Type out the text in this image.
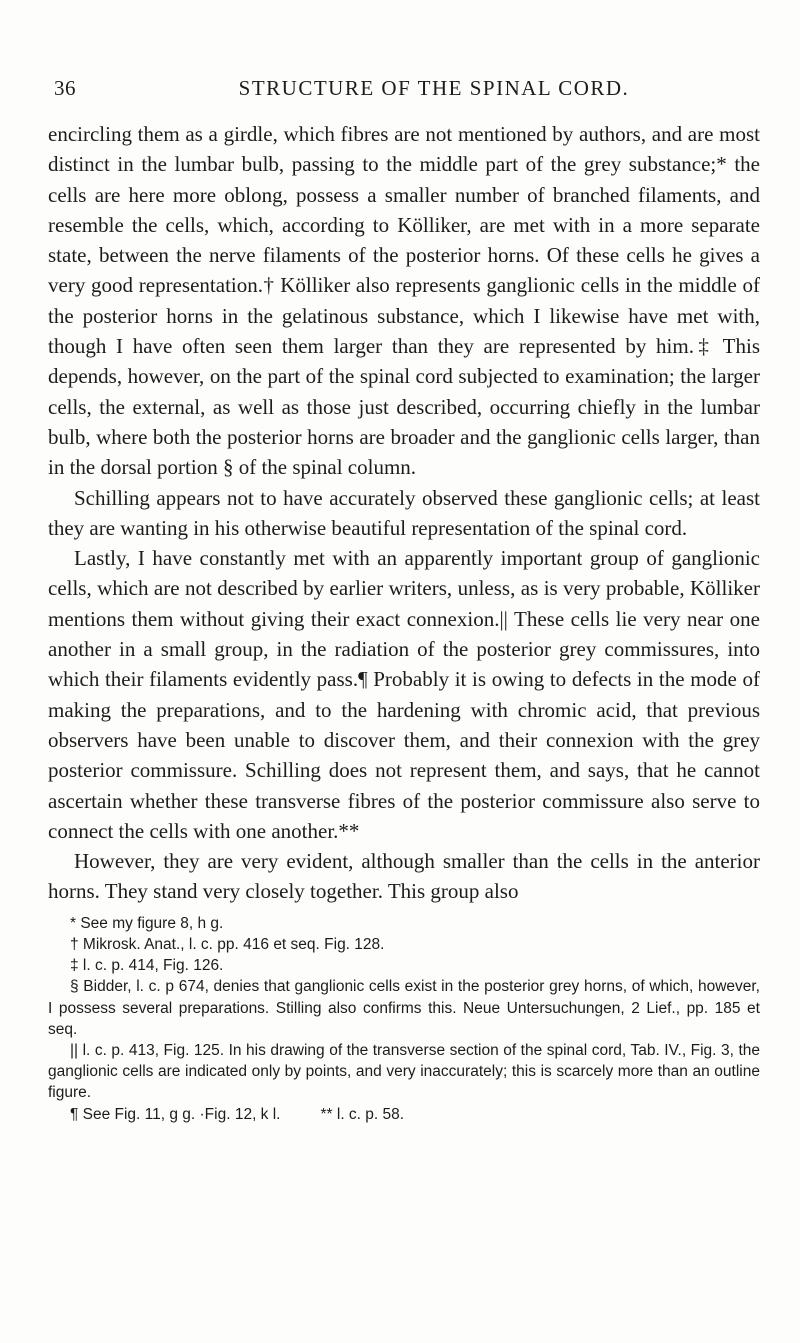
36	STRUCTURE OF THE SPINAL CORD.

encircling them as a girdle, which fibres are not mentioned by authors, and are most distinct in the lumbar bulb, passing to the middle part of the grey substance;* the cells are here more oblong, possess a smaller number of branched filaments, and resemble the cells, which, according to Kölliker, are met with in a more separate state, between the nerve filaments of the posterior horns. Of these cells he gives a very good representation.† Kölliker also represents ganglionic cells in the middle of the posterior horns in the gelatinous substance, which I likewise have met with, though I have often seen them larger than they are represented by him.‡ This depends, however, on the part of the spinal cord subjected to examination; the larger cells, the external, as well as those just described, occurring chiefly in the lumbar bulb, where both the posterior horns are broader and the ganglionic cells larger, than in the dorsal portion § of the spinal column.

Schilling appears not to have accurately observed these ganglionic cells; at least they are wanting in his otherwise beautiful representation of the spinal cord.

Lastly, I have constantly met with an apparently important group of ganglionic cells, which are not described by earlier writers, unless, as is very probable, Kölliker mentions them without giving their exact connexion.|| These cells lie very near one another in a small group, in the radiation of the posterior grey commissures, into which their filaments evidently pass.¶ Probably it is owing to defects in the mode of making the preparations, and to the hardening with chromic acid, that previous observers have been unable to discover them, and their connexion with the grey posterior commissure. Schilling does not represent them, and says, that he cannot ascertain whether these transverse fibres of the posterior commissure also serve to connect the cells with one another.**

However, they are very evident, although smaller than the cells in the anterior horns. They stand very closely together. This group also

* See my figure 8, h g.

† Mikrosk. Anat., l. c. pp. 416 et seq. Fig. 128.

‡ l. c. p. 414, Fig. 126.

§ Bidder, l. c. p 674, denies that ganglionic cells exist in the posterior grey horns, of which, however, I possess several preparations. Stilling also confirms this. Neue Untersuchungen, 2 Lief., pp. 185 et seq.

|| l. c. p. 413, Fig. 125. In his drawing of the transverse section of the spinal cord, Tab. IV., Fig. 3, the ganglionic cells are indicated only by points, and very inaccurately; this is scarcely more than an outline figure.

¶ See Fig. 11, g g. ·Fig. 12, k l.	** l. c. p. 58.
